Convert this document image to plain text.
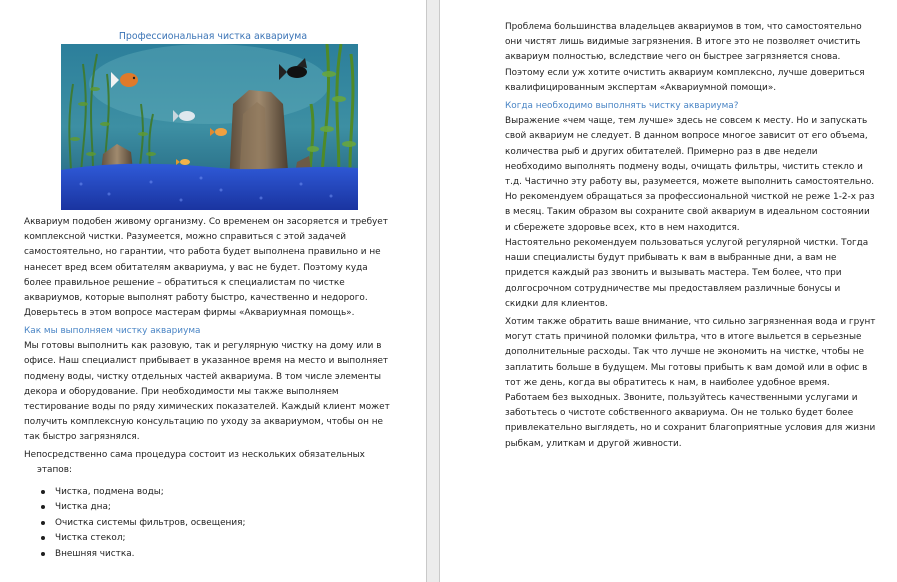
Профессиональная чистка аквариума

Аквариум подобен живому организму. Со временем он засоряется и требует

комплексной чистки. Разумеется, можно справиться с этой задачей

самостоятельно, но гарантии, что работа будет выполнена правильно и не

нанесет вред всем обитателям аквариума, у вас не будет. Поэтому куда

более правильное решение – обратиться к специалистам по чистке

аквариумов, которые выполнят работу быстро, качественно и недорого.

Доверьтесь в этом вопросе мастерам фирмы «Аквариумная помощь».

Как мы выполняем чистку аквариума

Мы готовы выполнить как разовую, так и регулярную чистку на дому или в

офисе. Наш специалист прибывает в указанное время на место и выполняет

подмену воды, чистку отдельных частей аквариума. В том числе элементы

декора и оборудование. При необходимости мы также выполняем

тестирование воды по ряду химических показателей. Каждый клиент может

получить комплексную консультацию по уходу за аквариумом, чтобы он не

так быстро загрязнялся.

Непосредственно сама процедура состоит из нескольких обязательных

этапов:

Чистка, подмена воды;
Чистка дна;
Очистка системы фильтров, освещения;
Чистка стекол;
Внешняя чистка.

Проблема большинства владельцев аквариумов в том, что самостоятельно

они чистят лишь видимые загрязнения. В итоге это не позволяет очистить

аквариум полностью, вследствие чего он быстрее загрязняется снова.

Поэтому если уж хотите очистить аквариум комплексно, лучше довериться

квалифицированным экспертам «Аквариумной помощи».

Когда необходимо выполнять чистку аквариума?

Выражение «чем чаще, тем лучше» здесь не совсем к месту. Но и запускать

свой аквариум не следует. В данном вопросе многое зависит от его объема,

количества рыб и других обитателей. Примерно раз в две недели

необходимо выполнять подмену воды, очищать фильтры, чистить стекло и

т.д. Частично эту работу вы, разумеется, можете выполнить самостоятельно.

Но рекомендуем обращаться за профессиональной чисткой не реже 1-2-х раз

в месяц. Таким образом вы сохраните свой аквариум в идеальном состоянии

и сбережете здоровье всех, кто в нем находится.

Настоятельно рекомендуем пользоваться услугой регулярной чистки. Тогда

наши специалисты будут прибывать к вам в выбранные дни, а вам не

придется каждый раз звонить и вызывать мастера. Тем более, что при

долгосрочном сотрудничестве мы предоставляем различные бонусы и

скидки для клиентов.

Хотим также обратить ваше внимание, что сильно загрязненная вода и грунт

могут стать причиной поломки фильтра, что в итоге выльется в серьезные

дополнительные расходы. Так что лучше не экономить на чистке, чтобы не

заплатить больше в будущем. Мы готовы прибыть к вам домой или в офис в

тот же день, когда вы обратитесь к нам, в наиболее удобное время.

Работаем без выходных. Звоните, пользуйтесь качественными услугами и

заботьтесь о чистоте собственного аквариума. Он не только будет более

привлекательно выглядеть, но и сохранит благоприятные условия для жизни

рыбкам, улиткам и другой живности.
